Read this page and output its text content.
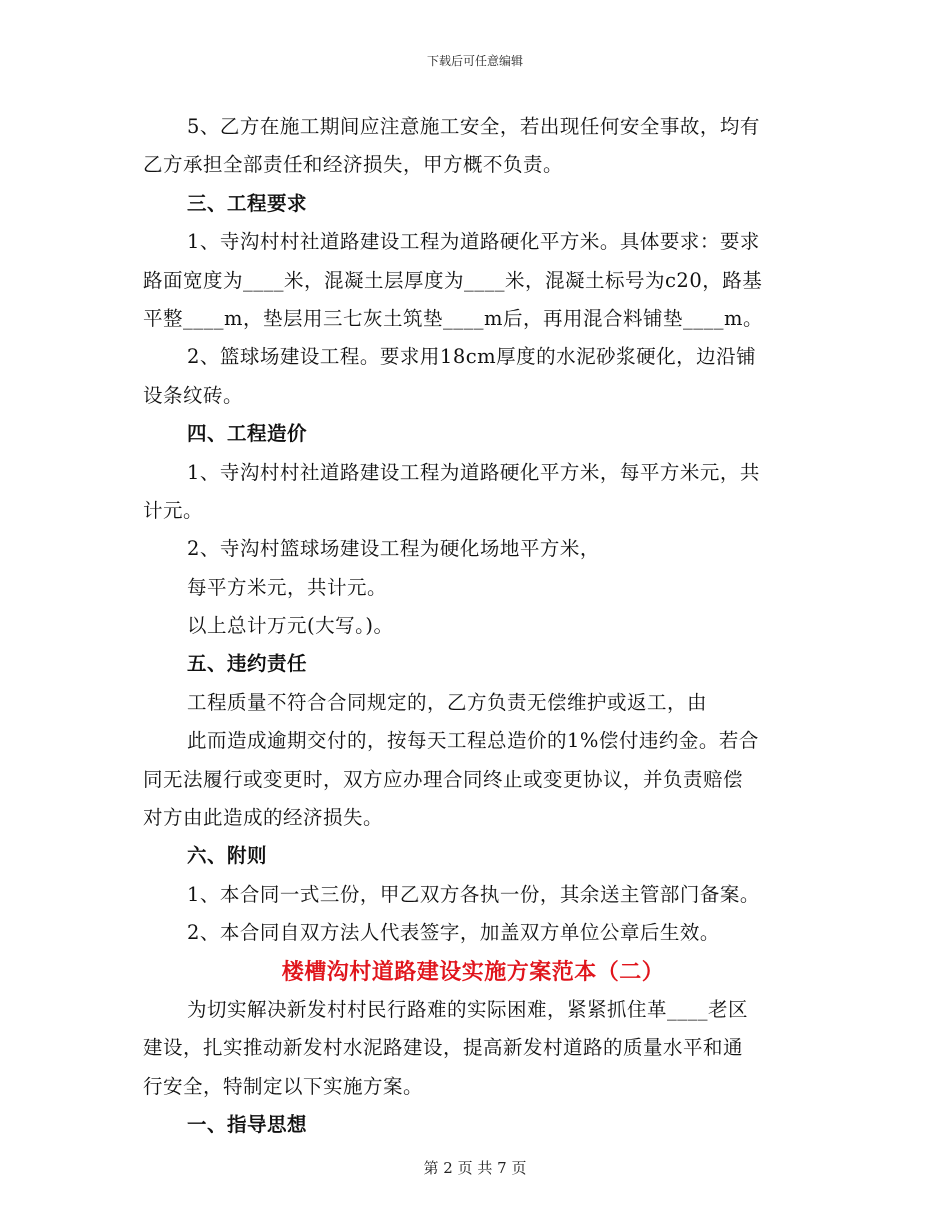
下载后可任意编辑
5、乙方在施工期间应注意施工安全，若出现任何安全事故，均有
乙方承担全部责任和经济损失，甲方概不负责。
三、工程要求
1、寺沟村村社道路建设工程为道路硬化平方米。具体要求：要求
路面宽度为____米，混凝土层厚度为____米，混凝土标号为c20，路基
平整____m，垫层用三七灰土筑垫____m后，再用混合料铺垫____m。
2、篮球场建设工程。要求用18cm厚度的水泥砂浆硬化，边沿铺
设条纹砖。
四、工程造价
1、寺沟村村社道路建设工程为道路硬化平方米，每平方米元，共
计元。
2、寺沟村篮球场建设工程为硬化场地平方米，
每平方米元，共计元。
以上总计万元(大写。)。
五、违约责任
工程质量不符合合同规定的，乙方负责无偿维护或返工，由
此而造成逾期交付的，按每天工程总造价的1%偿付违约金。若合
同无法履行或变更时，双方应办理合同终止或变更协议，并负责赔偿
对方由此造成的经济损失。
六、附则
1、本合同一式三份，甲乙双方各执一份，其余送主管部门备案。
2、本合同自双方法人代表签字，加盖双方单位公章后生效。
楼槽沟村道路建设实施方案范本（二）
为切实解决新发村村民行路难的实际困难，紧紧抓住革____老区
建设，扎实推动新发村水泥路建设，提高新发村道路的质量水平和通
行安全，特制定以下实施方案。
一、指导思想
第 2 页 共 7 页
